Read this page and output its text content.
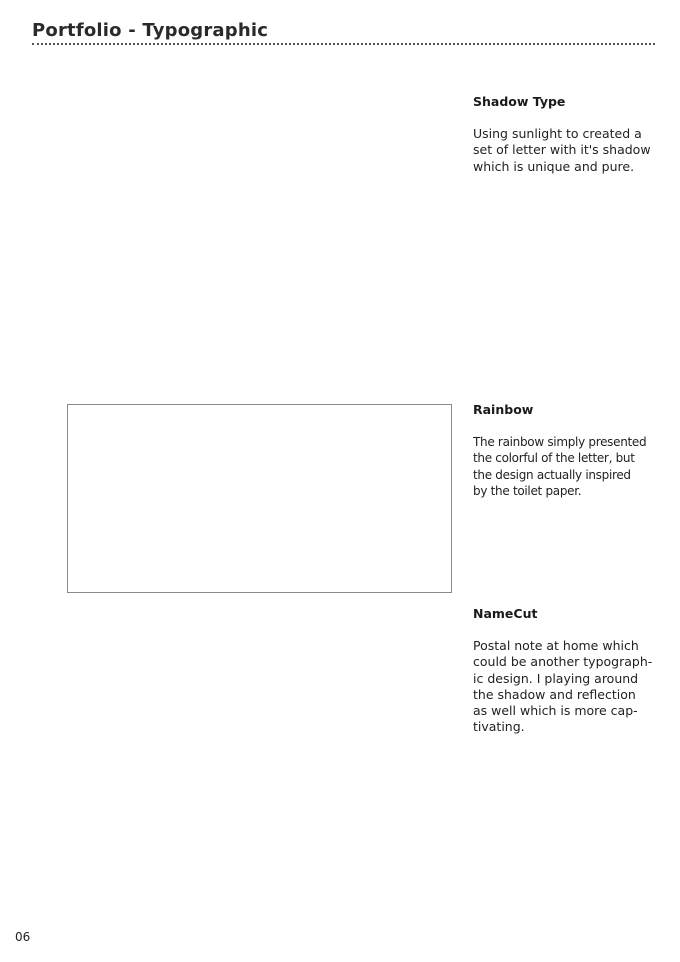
Portfolio - Typographic
Shadow Type
Using sunlight to created a
set of letter with it's shadow
which is unique and pure.
Rainbow
The rainbow simply presented
the colorful of the letter, but
the design actually inspired
by the toilet paper.
NameCut
Postal note at home which
could be another typograph-
ic design. I playing around
the shadow and reflection
as well which is more cap-
tivating.
06
